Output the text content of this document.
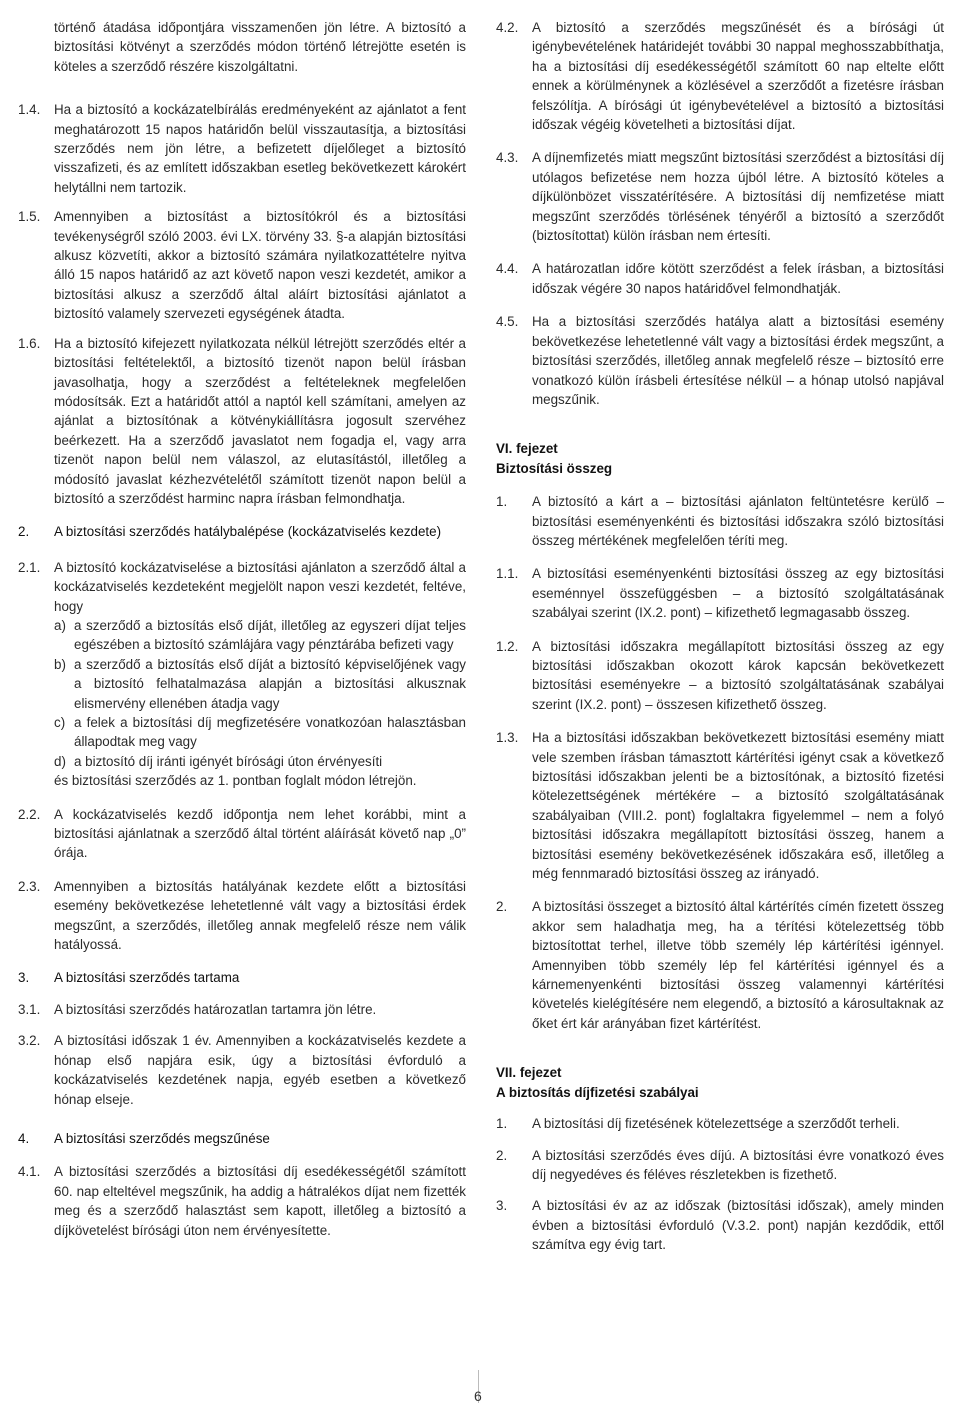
történő átadása időpontjára visszamenően jön létre. A biztosító a biztosítási kötvényt a szerződés módon történő létrejötte esetén is köteles a szerződő részére kiszolgáltatni.
1.4. Ha a biztosító a kockázatelbírálás eredményeként az ajánlatot a fent meghatározott 15 napos határidőn belül visszautasítja, a biztosítási szerződés nem jön létre, a befizetett díjelőleget a biztosító visszafizeti, és az említett időszakban esetleg bekövetkezett károkért helytállni nem tartozik.
1.5. Amennyiben a biztosítást a biztosítókról és a biztosítási tevékenységről szóló 2003. évi LX. törvény 33. §-a alapján biztosítási alkusz közvetíti, akkor a biztosító számára nyilatkozattételre nyitva álló 15 napos határidő az azt követő napon veszi kezdetét, amikor a biztosítási alkusz a szerződő által aláírt biztosítási ajánlatot a biztosító valamely szervezeti egységének átadta.
1.6. Ha a biztosító kifejezett nyilatkozata nélkül létrejött szerződés eltér a biztosítási feltételektől, a biztosító tizenöt napon belül írásban javasolhatja, hogy a szerződést a feltételeknek megfelelően módosítsák. Ezt a határidőt attól a naptól kell számítani, amelyen az ajánlat a biztosítónak a kötvénykiállításra jogosult szervéhez beérkezett. Ha a szerződő javaslatot nem fogadja el, vagy arra tizenöt napon belül nem válaszol, az elutasítástól, illetőleg a módosító javaslat kézhezvételétől számított tizenöt napon belül a biztosító a szerződést harminc napra írásban felmondhatja.
2. A biztosítási szerződés hatálybalépése (kockázatviselés kezdete)
2.1. A biztosító kockázatviselése a biztosítási ajánlaton a szerződő által a kockázatviselés kezdeteként megjelölt napon veszi kezdetét, feltéve, hogy
a) a szerződő a biztosítás első díját, illetőleg az egyszeri díjat teljes egészében a biztosító számlájára vagy pénztárába befizeti vagy
b) a szerződő a biztosítás első díját a biztosító képviselőjének vagy a biztosító felhatalmazása alapján a biztosítási alkusznak elismervény ellenében átadja vagy
c) a felek a biztosítási díj megfizetésére vonatkozóan halasztásban állapodtak meg vagy
d) a biztosító díj iránti igényét bírósági úton érvényesíti
és biztosítási szerződés az 1. pontban foglalt módon létrejön.
2.2. A kockázatviselés kezdő időpontja nem lehet korábbi, mint a biztosítási ajánlatnak a szerződő által történt aláírását követő nap „0” órája.
2.3. Amennyiben a biztosítás hatályának kezdete előtt a biztosítási esemény bekövetkezése lehetetlenné vált vagy a biztosítási érdek megszűnt, a szerződés, illetőleg annak megfelelő része nem válik hatályossá.
3. A biztosítási szerződés tartama
3.1. A biztosítási szerződés határozatlan tartamra jön létre.
3.2. A biztosítási időszak 1 év. Amennyiben a kockázatviselés kezdete a hónap első napjára esik, úgy a biztosítási évforduló a kockázatviselés kezdetének napja, egyéb esetben a következő hónap elseje.
4. A biztosítási szerződés megszűnése
4.1. A biztosítási szerződés a biztosítási díj esedékességétől számított 60. nap elteltével megszűnik, ha addig a hátralékos díjat nem fizették meg és a szerződő halasztást sem kapott, illetőleg a biztosító a díjkövetelést bírósági úton nem érvényesítette.
4.2. A biztosító a szerződés megszűnését és a bírósági út igénybevételének határidejét további 30 nappal meghosszabbíthatja, ha a biztosítási díj esedékességétől számított 60 nap eltelte előtt ennek a körülménynek a közlésével a szerződőt a fizetésre írásban felszólítja. A bírósági út igénybevételével a biztosító a biztosítási időszak végéig követelheti a biztosítási díjat.
4.3. A díjnemfizetés miatt megszűnt biztosítási szerződést a biztosítási díj utólagos befizetése nem hozza újból létre. A biztosító köteles a díjkülönbözet visszatérítésére. A biztosítási díj nemfizetése miatt megszűnt szerződés törlésének tényéről a biztosító a szerződőt (biztosítottat) külön írásban nem értesíti.
4.4. A határozatlan időre kötött szerződést a felek írásban, a biztosítási időszak végére 30 napos határidővel felmondhatják.
4.5. Ha a biztosítási szerződés hatálya alatt a biztosítási esemény bekövetkezése lehetetlenné vált vagy a biztosítási érdek megszűnt, a biztosítási szerződés, illetőleg annak megfelelő része – biztosító erre vonatkozó külön írásbeli értesítése nélkül – a hónap utolsó napjával megszűnik.
VI. fejezet
Biztosítási összeg
1. A biztosító a kárt a – biztosítási ajánlaton feltüntetésre kerülő – biztosítási eseményenkénti és biztosítási időszakra szóló biztosítási összeg mértékének megfelelően téríti meg.
1.1. A biztosítási eseményenkénti biztosítási összeg az egy biztosítási eseménnyel összefüggésben – a biztosító szolgáltatásának szabályai szerint (IX.2. pont) – kifizethető legmagasabb összeg.
1.2. A biztosítási időszakra megállapított biztosítási összeg az egy biztosítási időszakban okozott károk kapcsán bekövetkezett biztosítási eseményekre – a biztosító szolgáltatásának szabályai szerint (IX.2. pont) – összesen kifizethető összeg.
1.3. Ha a biztosítási időszakban bekövetkezett biztosítási esemény miatt vele szemben írásban támasztott kártérítési igényt csak a következő biztosítási időszakban jelenti be a biztosítónak, a biztosító fizetési kötelezettségének mértékére – a biztosító szolgáltatásának szabályaiban (VIII.2. pont) foglaltakra figyelemmel – nem a folyó biztosítási időszakra megállapított biztosítási összeg, hanem a biztosítási esemény bekövetkezésének időszakára eső, illetőleg a még fennmaradó biztosítási összeg az irányadó.
2. A biztosítási összeget a biztosító által kártérítés címén fizetett összeg akkor sem haladhatja meg, ha a térítési kötelezettség több biztosítottat terhel, illetve több személy lép kártérítési igénnyel. Amennyiben több személy lép fel kártérítési igénnyel és a kárnemenyenkénti biztosítási összeg valamennyi kártérítési követelés kielégítésére nem elegendő, a biztosító a károsultaknak az őket ért kár arányában fizet kártérítést.
VII. fejezet
A biztosítás díjfizetési szabályai
1. A biztosítási díj fizetésének kötelezettsége a szerződőt terheli.
2. A biztosítási szerződés éves díjú. A biztosítási évre vonatkozó éves díj negyedéves és féléves részletekben is fizethető.
3. A biztosítási év az az időszak (biztosítási időszak), amely minden évben a biztosítási évforduló (V.3.2. pont) napján kezdődik, ettől számítva egy évig tart.
6
